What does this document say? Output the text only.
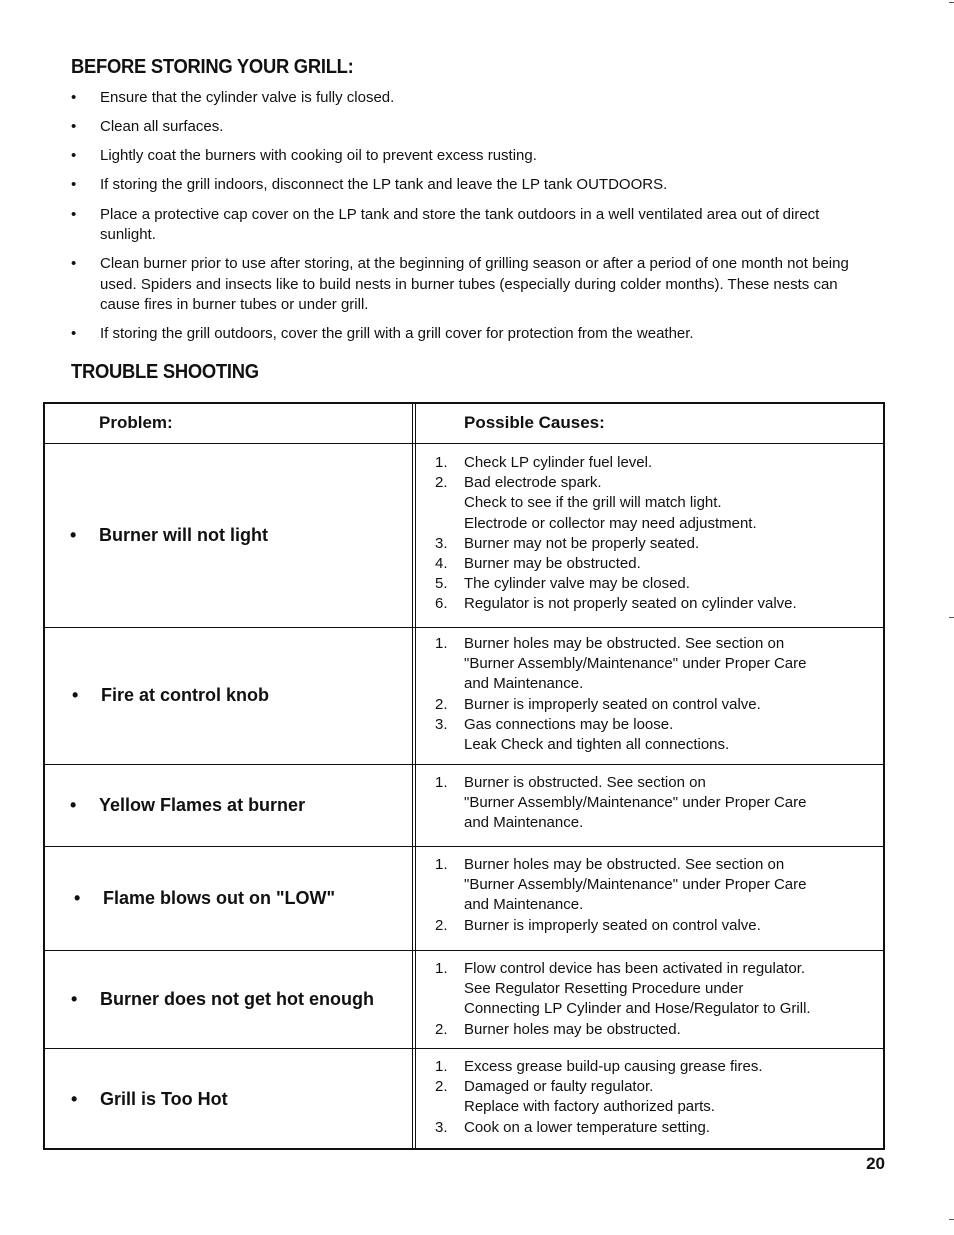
BEFORE STORING YOUR GRILL:
• Ensure that the cylinder valve is fully closed.
• Clean all surfaces.
• Lightly coat the burners with cooking oil to prevent excess rusting.
• If storing the grill indoors, disconnect the LP tank and leave the LP tank OUTDOORS.
• Place a protective cap cover on the LP tank and store the tank outdoors in a well ventilated area out of direct sunlight.
• Clean burner prior to use after storing, at the beginning of grilling season or after a period of one month not being used. Spiders and insects like to build nests in burner tubes (especially during colder months). These nests can cause fires in burner tubes or under grill.
• If storing the grill outdoors, cover the grill with a grill cover for protection from the weather.
TROUBLE SHOOTING
Problem:	Possible Causes:
•	Burner will not light
1.	Check LP cylinder fuel level.
2.	Bad electrode spark.
Check to see if the grill will match light.
Electrode or collector may need adjustment.
3.	Burner may not be properly seated.
4.	Burner may be obstructed.
5.	The cylinder valve may be closed.
6.	Regulator is not properly seated on cylinder valve.
•	Fire at control knob
1.	Burner holes may be obstructed. See section on
"Burner Assembly/Maintenance" under Proper Care
and Maintenance.
2.	Burner is improperly seated on control valve.
3.	Gas connections may be loose.
Leak Check and tighten all connections.
•	Yellow Flames at burner
1.	Burner is obstructed. See section on
"Burner Assembly/Maintenance" under Proper Care
and Maintenance.
•	Flame blows out on "LOW"
1.	Burner holes may be obstructed. See section on
"Burner Assembly/Maintenance" under Proper Care
and Maintenance.
2.	Burner is improperly seated on control valve.
•	Burner does not get hot enough
1.	Flow control device has been activated in regulator.
See Regulator Resetting Procedure under
Connecting LP Cylinder and Hose/Regulator to Grill.
2.	Burner holes may be obstructed.
•	Grill is Too Hot
1.	Excess grease build-up causing grease fires.
2.	Damaged or faulty regulator.
Replace with factory authorized parts.
3.	Cook on a lower temperature setting.
20
